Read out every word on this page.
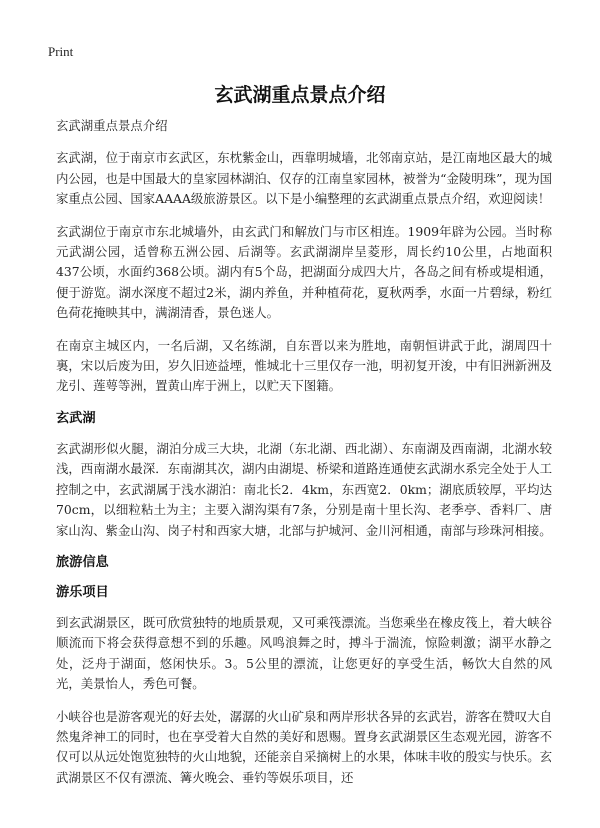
Print
玄武湖重点景点介绍

玄武湖重点景点介绍

玄武湖，位于南京市玄武区，东枕紫金山，西靠明城墙，北邻南京站，是江南地区最大的城内公园，也是中国最大的皇家园林湖泊、仅存的江南皇家园林，被誉为“金陵明珠”，现为国家重点公园、国家AAAA级旅游景区。以下是小编整理的玄武湖重点景点介绍，欢迎阅读！

玄武湖位于南京市东北城墙外，由玄武门和解放门与市区相连。1909年辟为公园。当时称元武湖公园，适曾称五洲公园、后湖等。玄武湖湖岸呈菱形，周长约10公里，占地面积437公顷，水面约368公顷。湖内有5个岛，把湖面分成四大片，各岛之间有桥或堤相通，便于游览。湖水深度不超过2米，湖内养鱼，并种植荷花，夏秋两季，水面一片碧绿，粉红色荷花掩映其中，满湖清香，景色迷人。

在南京主城区内，一名后湖，又名练湖，自东晋以来为胜地，南朝恒讲武于此，湖周四十裏，宋以后废为田，岁久旧迹益堙，惟城北十三里仅存一池，明初复开浚，中有旧洲新洲及龙引、莲萼等洲，置黄山库于洲上，以贮天下图籍。

玄武湖

玄武湖形似火腿，湖泊分成三大块，北湖（东北湖、西北湖）、东南湖及西南湖，北湖水较浅，西南湖水最深．东南湖其次，湖内由湖堤、桥梁和道路连通使玄武湖水系完全处于人工控制之中，玄武湖属于浅水湖泊：南北长2．4km，东西宽2．0km；湖底质较厚，平均达70cm，以细粒粘土为主；主要入湖沟渠有7条，分别是南十里长沟、老季亭、香料厂、唐家山沟、紫金山沟、岗子村和西家大塘，北部与护城河、金川河相通，南部与珍珠河相接。

旅游信息
游乐项目

到玄武湖景区，既可欣赏独特的地质景观，又可乘筏漂流。当您乘坐在橡皮筏上，着大峡谷顺流而下将会获得意想不到的乐趣。风鸣浪舞之时，搏斗于湍流，惊险刺激；湖平水静之处，泛舟于湖面，悠闲快乐。3。5公里的漂流，让您更好的享受生活，畅饮大自然的风光，美景怡人，秀色可餐。

小峡谷也是游客观光的好去处，潺潺的火山矿泉和两岸形状各异的玄武岩，游客在赞叹大自然鬼斧神工的同时，也在享受着大自然的美好和恩赐。置身玄武湖景区生态观光园，游客不仅可以从远处饱览独特的火山地貌，还能亲自采摘树上的水果，体味丰收的殷实与快乐。玄武湖景区不仅有漂流、篝火晚会、垂钓等娱乐项目，还
